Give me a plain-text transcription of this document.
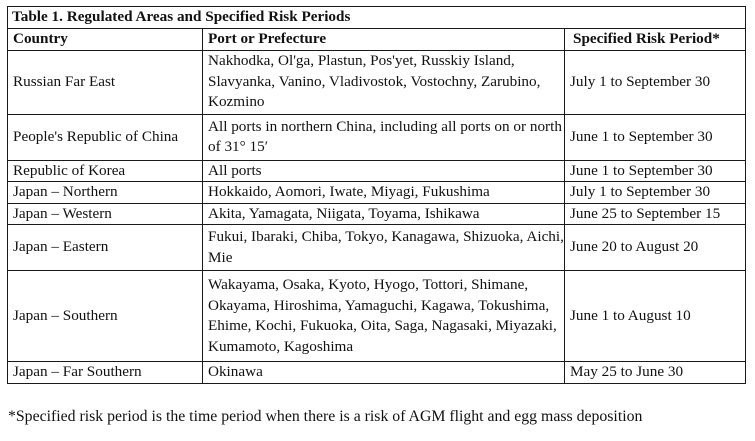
Table 1. Regulated Areas and Specified Risk Periods		
Country	Port or Prefecture	Specified Risk Period*
Russian Far East	Nakhodka, Ol'ga, Plastun, Pos'yet, Russkiy Island, Slavyanka, Vanino, Vladivostok, Vostochny, Zarubino, Kozmino	July 1 to September 30
People's Republic of China	All ports in northern China, including all ports on or north of 31° 15′	June 1 to September 30
Republic of Korea	All ports	June 1 to September 30
Japan – Northern	Hokkaido, Aomori, Iwate, Miyagi, Fukushima	July 1 to September 30
Japan – Western	Akita, Yamagata, Niigata, Toyama, Ishikawa	June 25 to September 15
Japan – Eastern	Fukui, Ibaraki, Chiba, Tokyo, Kanagawa, Shizuoka, Aichi, Mie	June 20 to August 20
Japan – Southern	Wakayama, Osaka, Kyoto, Hyogo, Tottori, Shimane, Okayama, Hiroshima, Yamaguchi, Kagawa, Tokushima, Ehime, Kochi, Fukuoka, Oita, Saga, Nagasaki, Miyazaki, Kumamoto, Kagoshima	June 1 to August 10
Japan – Far Southern	Okinawa	May 25 to June 30
*Specified risk period is the time period when there is a risk of AGM flight and egg mass deposition
